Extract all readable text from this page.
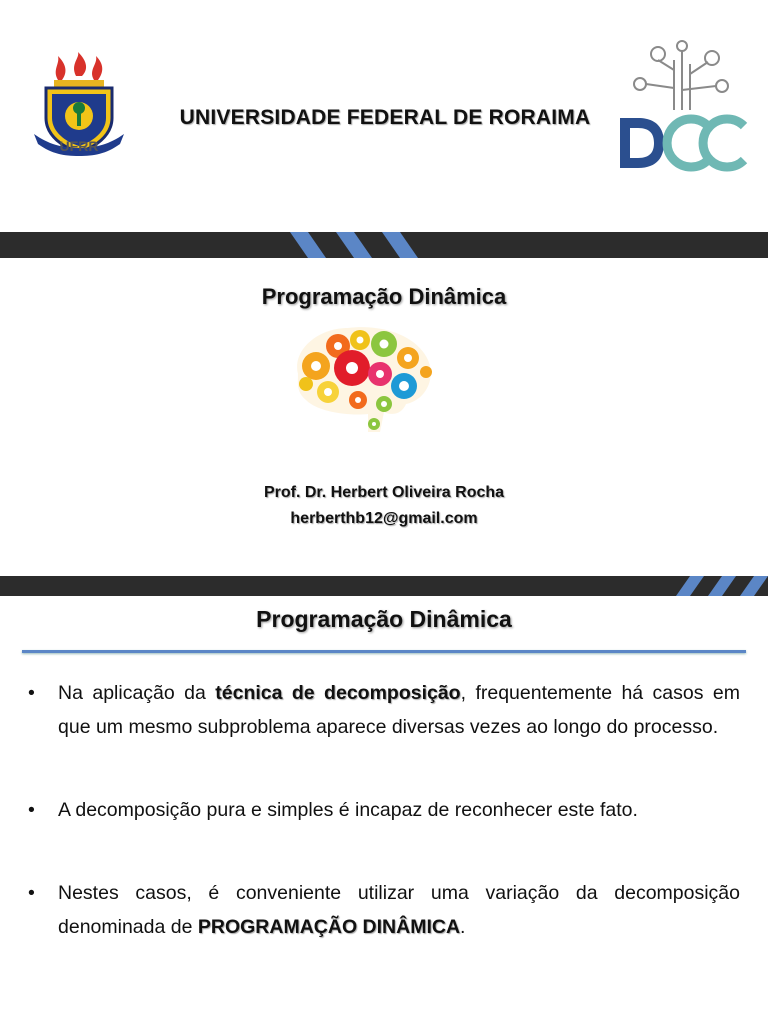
UFRR
UNIVERSIDADE FEDERAL DE RORAIMA
Programação Dinâmica
Prof. Dr. Herbert Oliveira Rocha
herberthb12@gmail.com
Programação Dinâmica
• Na aplicação da técnica de decomposição, frequentemente há casos em que um mesmo subproblema aparece diversas vezes ao longo do processo.
• A decomposição pura e simples é incapaz de reconhecer este fato.
• Nestes casos, é conveniente utilizar uma variação da decomposição denominada de PROGRAMAÇÃO DINÂMICA.
